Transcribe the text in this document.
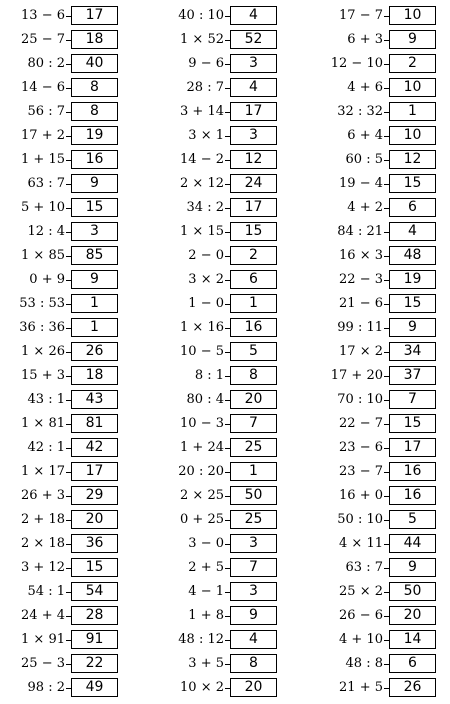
13 − 6	17
25 − 7	18
80 : 2	40
14 − 6	8
56 : 7	8
17 + 2	19
1 + 15	16
63 : 7	9
5 + 10	15
12 : 4	3
1 × 85	85
0 + 9	9
53 : 53	1
36 : 36	1
1 × 26	26
15 + 3	18
43 : 1	43
1 × 81	81
42 : 1	42
1 × 17	17
26 + 3	29
2 + 18	20
2 × 18	36
3 + 12	15
54 : 1	54
24 + 4	28
1 × 91	91
25 − 3	22
98 : 2	49
40 : 10	4
1 × 52	52
9 − 6	3
28 : 7	4
3 + 14	17
3 × 1	3
14 − 2	12
2 × 12	24
34 : 2	17
1 × 15	15
2 − 0	2
3 × 2	6
1 − 0	1
1 × 16	16
10 − 5	5
8 : 1	8
80 : 4	20
10 − 3	7
1 + 24	25
20 : 20	1
2 × 25	50
0 + 25	25
3 − 0	3
2 + 5	7
4 − 1	3
1 + 8	9
48 : 12	4
3 + 5	8
10 × 2	20
17 − 7	10
6 + 3	9
12 − 10	2
4 + 6	10
32 : 32	1
6 + 4	10
60 : 5	12
19 − 4	15
4 + 2	6
84 : 21	4
16 × 3	48
22 − 3	19
21 − 6	15
99 : 11	9
17 × 2	34
17 + 20	37
70 : 10	7
22 − 7	15
23 − 6	17
23 − 7	16
16 + 0	16
50 : 10	5
4 × 11	44
63 : 7	9
25 × 2	50
26 − 6	20
4 + 10	14
48 : 8	6
21 + 5	26
